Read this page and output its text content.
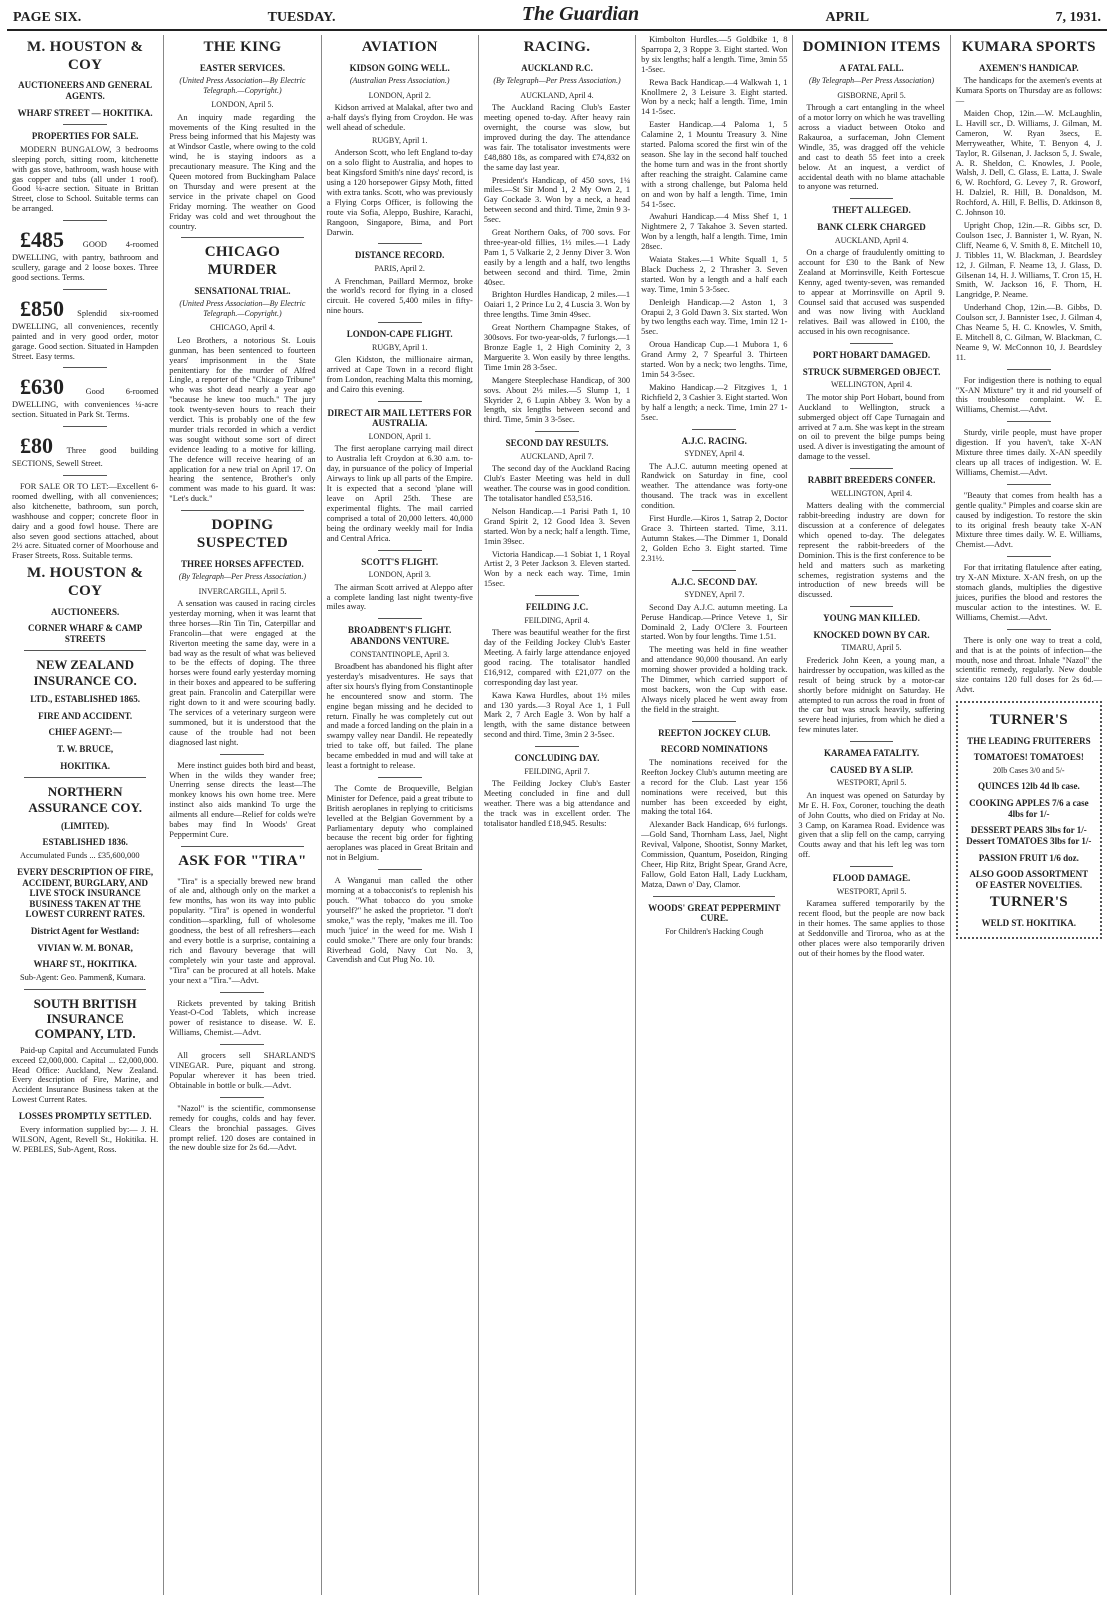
PAGE SIX.	TUESDAY.	The Guardian	APRIL	7, 1931.
M. HOUSTON & COY
AUCTIONEERS AND GENERAL AGENTS.
WHARF STREET — HOKITIKA.
PROPERTIES FOR SALE.

MODERN BUNGALOW, 3 bedrooms sleeping porch, sitting room, kitchenette with gas stove, bathroom, wash house with gas copper and tubs (all under 1 roof). Good ¼-acre section. Situate in Brittan Street, close to School. Suitable terms can be arranged.

£485 GOOD 4-roomed DWELLING, with pantry, bathroom and scullery, garage and 2 loose boxes. Three good sections. Terms.

£850 Splendid six-roomed DWELLING, all conveniences, recently painted and in very good order, motor garage. Good section. Situated in Hampden Street. Easy terms.

£630	Good 6-roomed DWELLING, with conveniences ¼-acre section. Situated in Park St. Terms.

£80 Three good building SECTIONS, Sewell Street.

FOR SALE OR TO LET:—Excellent 6-roomed dwelling, with all conveniences; also kitchenette, bathroom, sun porch, washhouse and copper; concrete floor in dairy and a good fowl house. There are also seven good sections attached, about 2½ acre. Situated corner of Moorhouse and Fraser Streets, Ross. Suitable terms.

M. HOUSTON & COY
AUCTIONEERS.
CORNER WHARF & CAMP STREETS
NEW ZEALAND INSURANCE CO.
LTD., ESTABLISHED 1865.
FIRE AND ACCIDENT.
CHIEF AGENT:—
T. W. BRUCE,
HOKITIKA.
NORTHERN ASSURANCE COY.
(LIMITED).
ESTABLISHED 1836.

Accumulated Funds ... £35,600,000

EVERY DESCRIPTION OF FIRE, ACCIDENT, BURGLARY, AND LIVE STOCK INSURANCE BUSINESS TAKEN AT THE LOWEST CURRENT RATES.
District Agent for Westland:
VIVIAN W. M. BONAR,
WHARF ST., HOKITIKA.

Sub-Agent: Geo. Pammenß, Kumara.

SOUTH BRITISH INSURANCE COMPANY, LTD.

Paid-up Capital and Accumulated Funds exceed £2,000,000. Capital ... £2,000,000. Head Office: Auckland, New Zealand. Every description of Fire, Marine, and Accident Insurance Business taken at the Lowest Current Rates.

LOSSES PROMPTLY SETTLED.

Every information supplied by:— J. H. WILSON, Agent, Revell St., Hokitika. H. W. PEBLES, Sub-Agent, Ross.

THE KING
EASTER SERVICES.
(United Press Association—By Electric Telegraph.—Copyright.)
LONDON, April 5.

An inquiry made regarding the movements of the King resulted in the Press being informed that his Majesty was at Windsor Castle, where owing to the cold wind, he is staying indoors as a precautionary measure. The King and the Queen motored from Buckingham Palace on Thursday and were present at the service in the private chapel on Good Friday morning. The weather on Good Friday was cold and wet throughout the country.

CHICAGO MURDER
SENSATIONAL TRIAL.
(United Press Association—By Electric Telegraph.—Copyright.)
CHICAGO, April 4.

Leo Brothers, a notorious St. Louis gunman, has been sentenced to fourteen years' imprisonment in the State penitentiary for the murder of Alfred Lingle, a reporter of the "Chicago Tribune" who was shot dead nearly a year ago "because he knew too much." The jury took twenty-seven hours to reach their verdict. This is probably one of the few murder trials recorded in which a verdict was sought without some sort of direct evidence leading to a motive for killing. The defence will receive hearing of an application for a new trial on April 17. On hearing the sentence, Brother's only comment was made to his guard. It was: "Let's duck."

DOPING SUSPECTED
THREE HORSES AFFECTED.
(By Telegraph—Per Press Association.)
INVERCARGILL, April 5.

A sensation was caused in racing circles yesterday morning, when it was learnt that three horses—Rin Tin Tin, Caterpillar and Francolin—that were engaged at the Riverton meeting the same day, were in a bad way as the result of what was believed to be the effects of doping. The three horses were found early yesterday morning in their boxes and appeared to be suffering great pain. Francolin and Caterpillar were right down to it and were scouring badly. The services of a veterinary surgeon were summoned, but it is understood that the cause of the trouble had not been diagnosed last night.

Mere instinct guides both bird and beast, When in the wilds they wander free; Unerring sense directs the least—The monkey knows his own home tree. Mere instinct also aids mankind To urge the ailments all endure—Relief for colds we're babes may find In Woods' Great Peppermint Cure.

ASK FOR "TIRA"

"Tira" is a specially brewed new brand of ale and, although only on the market a few months, has won its way into public popularity. "Tira" is opened in wonderful condition—sparkling, full of wholesome goodness, the best of all refreshers—each and every bottle is a surprise, containing a rich and flavoury beverage that will completely win your taste and approval. "Tira" can be procured at all hotels. Make your next a "Tira."—Advt.

Rickets prevented by taking British Yeast-O-Cod Tablets, which increase power of resistance to disease. W. E. Williams, Chemist.—Advt.

All grocers sell SHARLAND'S VINEGAR. Pure, piquant and strong. Popular wherever it has been tried. Obtainable in bottle or bulk.—Advt.

"Nazol" is the scientific, commonsense remedy for coughs, colds and hay fever. Clears the bronchial passages. Gives prompt relief. 120 doses are contained in the new double size for 2s 6d.—Advt.

AVIATION
KIDSON GOING WELL.
(Australian Press Association.)
LONDON, April 2.

Kidson arrived at Malakal, after two and a-half days's flying from Croydon. He was well ahead of schedule.

RUGBY, April 1.

Anderson Scott, who left England to-day on a solo flight to Australia, and hopes to beat Kingsford Smith's nine days' record, is using a 120 horsepower Gipsy Moth, fitted with extra tanks. Scott, who was previously a Flying Corps Officer, is following the route via Sofia, Aleppo, Bushire, Karachi, Rangoon, Singapore, Bima, and Port Darwin.

DISTANCE RECORD.
PARIS, April 2.

A Frenchman, Paillard Mermoz, broke the world's record for flying in a closed circuit. He covered 5,400 miles in fifty-nine hours.

LONDON-CAPE FLIGHT.
RUGBY, April 1.

Glen Kidston, the millionaire airman, arrived at Cape Town in a record flight from London, reaching Malta this morning, and Cairo this evening.

DIRECT AIR MAIL LETTERS FOR AUSTRALIA.
LONDON, April 1.

The first aeroplane carrying mail direct to Australia left Croydon at 6.30 a.m. to-day, in pursuance of the policy of Imperial Airways to link up all parts of the Empire. It is expected that a second 'plane will leave on April 25th. These are experimental flights. The mail carried comprised a total of 20,000 letters. 40,000 being the ordinary weekly mail for India and Central Africa.

SCOTT'S FLIGHT.
LONDON, April 3.

The airman Scott arrived at Aleppo after a complete landing last night twenty-five miles away.

BROADBENT'S FLIGHT. ABANDONS VENTURE.
CONSTANTINOPLE, April 3.

Broadbent has abandoned his flight after yesterday's misadventures. He says that after six hours's flying from Constantinople he encountered snow and storm. The engine began missing and he decided to return. Finally he was completely cut out and made a forced landing on the plain in a swampy valley near Dandil. He repeatedly tried to take off, but failed. The plane became embedded in mud and will take at least a fortnight to release.

The Comte de Broqueville, Belgian Minister for Defence, paid a great tribute to British aeroplanes in replying to criticisms levelled at the Belgian Government by a Parliamentary deputy who complained because the recent big order for fighting aeroplanes was placed in Great Britain and not in Belgium.

A Wanganui man called the other morning at a tobacconist's to replenish his pouch. "What tobacco do you smoke yourself?" he asked the proprietor. "I don't smoke," was the reply, "makes me ill. Too much 'juice' in the weed for me. Wish I could smoke." There are only four brands: Riverhead Gold, Navy Cut No. 3, Cavendish and Cut Plug No. 10.

RACING.
AUCKLAND R.C.
(By Telegraph—Per Press Association.)
AUCKLAND, April 4.

The Auckland Racing Club's Easter meeting opened to-day. After heavy rain overnight, the course was slow, but improved during the day. The attendance was fair. The totalisator investments were £48,880 18s, as compared with £74,832 on the same day last year.

President's Handicap, of 450 sovs, 1¼ miles.—St Sir Mond 1, 2 My Own 2, 1 Gay Cockade 3. Won by a neck, a head between second and third. Time, 2min 9 3-5sec.

Great Northern Oaks, of 700 sovs. For three-year-old fillies, 1½ miles.—1 Lady Pam 1, 5 Valkarie 2, 2 Jenny Diver 3. Won easily by a length and a half, two lengths between second and third. Time, 2min 40sec.

Brighton Hurdles Handicap, 2 miles.—1 Oaiari 1, 2 Prince Lu 2, 4 Luscia 3. Won by three lengths. Time 3min 49sec.

Great Northern Champagne Stakes, of 300sovs. For two-year-olds, 7 furlongs.—1 Bronze Eagle 1, 2 High Cominity 2, 3 Marguerite 3. Won easily by three lengths. Time 1min 28 3-5sec.

Mangere Steeplechase Handicap, of 300 sovs. About 2½ miles.—5 Slump 1, 1 Skyrider 2, 6 Lupin Abbey 3. Won by a length, six lengths between second and third. Time, 5min 3 3-5sec.

SECOND DAY RESULTS.
AUCKLAND, April 7.

The second day of the Auckland Racing Club's Easter Meeting was held in dull weather. The course was in good condition. The totalisator handled £53,516.

Nelson Handicap.—1 Parisi Path 1, 10 Grand Spirit 2, 12 Good Idea 3. Seven started. Won by a neck; half a length. Time, 1min 39sec.

Victoria Handicap.—1 Sobiat 1, 1 Royal Artist 2, 3 Peter Jackson 3. Eleven started. Won by a neck each way. Time, 1min 15sec.

FEILDING J.C.
FEILDING, April 4.

There was beautiful weather for the first day of the Feilding Jockey Club's Easter Meeting. A fairly large attendance enjoyed good racing. The totalisator handled £16,912, compared with £21,077 on the corresponding day last year.

Kawa Kawa Hurdles, about 1½ miles and 130 yards.—3 Royal Ace 1, 1 Full Mark 2, 7 Arch Eagle 3. Won by half a length, with the same distance between second and third. Time, 3min 2 3-5sec.

CONCLUDING DAY.
FEILDING, April 7.

The Feilding Jockey Club's Easter Meeting concluded in fine and dull weather. There was a big attendance and the track was in excellent order. The totalisator handled £18,945. Results:

Kimbolton Hurdles.—5 Goldbike 1, 8 Sparropa 2, 3 Roppe 3. Eight started. Won by six lengths; half a length. Time, 3min 55 1-5sec.

Rewa Back Handicap.—4 Walkwah 1, 1 Knollmere 2, 3 Leisure 3. Eight started. Won by a neck; half a length. Time, 1min 14 1-5sec.

Easter Handicap.—4 Paloma 1, 5 Calamine 2, 1 Mountu Treasury 3. Nine started. Paloma scored the first win of the season. She lay in the second half touched the home turn and was in the front shortly after reaching the straight. Calamine came with a strong challenge, but Paloma held on and won by half a length. Time, 1min 54 1-5sec.

Awahuri Handicap.—4 Miss Shef 1, 1 Nightmere 2, 7 Takahoe 3. Seven started. Won by a length, half a length. Time, 1min 28sec.

Waiata Stakes.—1 White Squall 1, 5 Black Duchess 2, 2 Thrasher 3. Seven started. Won by a length and a half each way. Time, 1min 5 3-5sec.

Denleigh Handicap.—2 Aston 1, 3 Orapui 2, 3 Gold Dawn 3. Six started. Won by two lengths each way. Time, 1min 12 1-5sec.

Oroua Handicap Cup.—1 Mubora 1, 6 Grand Army 2, 7 Spearful 3. Thirteen started. Won by a neck; two lengths. Time, 1min 54 3-5sec.

Makino Handicap.—2 Fitzgives 1, 1 Richfield 2, 3 Cashier 3. Eight started. Won by half a length; a neck. Time, 1min 27 1-5sec.

A.J.C. RACING.
SYDNEY, April 4.

The A.J.C. autumn meeting opened at Randwick on Saturday in fine, cool weather. The attendance was forty-one thousand. The track was in excellent condition.

First Hurdle.—Kiros 1, Satrap 2, Doctor Grace 3. Thirteen started. Time, 3.11. Autumn Stakes.—The Dimmer 1, Donald 2, Golden Echo 3. Eight started. Time 2.31½.

A.J.C. SECOND DAY.
SYDNEY, April 7.

Second Day A.J.C. autumn meeting. La Peruse Handicap.—Prince Veteve 1, Sir Dominald 2, Lady O'Clere 3. Fourteen started. Won by four lengths. Time 1.51.

The meeting was held in fine weather and attendance 90,000 thousand. An early morning shower provided a holding track. The Dimmer, which carried support of most backers, won the Cup with ease. Always nicely placed he went away from the field in the straight.

REEFTON JOCKEY CLUB.
RECORD NOMINATIONS

The nominations received for the Reefton Jockey Club's autumn meeting are a record for the Club. Last year 156 nominations were received, but this number has been exceeded by eight, making the total 164.

Alexander Back Handicap, 6½ furlongs.—Gold Sand, Thornham Lass, Jael, Night Revival, Valpone, Shootist, Sonny Market, Commission, Quantum, Poseidon, Ringing Cheer, Hip Ritz, Bright Spear, Grand Acre, Fallow, Gold Eaton Hall, Lady Luckham, Matza, Dawn o' Day, Clamor.

WOODS' GREAT PEPPERMINT CURE.
For Children's Hacking Cough
DOMINION ITEMS
A FATAL FALL.
(By Telegraph—Per Press Association)
GISBORNE, April 5.

Through a cart entangling in the wheel of a motor lorry on which he was travelling across a viaduct between Otoko and Rakauroa, a surfaceman, John Clement Windle, 35, was dragged off the vehicle and cast to death 55 feet into a creek below. At an inquest, a verdict of accidental death with no blame attachable to anyone was returned.

THEFT ALLEGED.
BANK CLERK CHARGED
AUCKLAND, April 4.

On a charge of fraudulently omitting to account for £30 to the Bank of New Zealand at Morrinsville, Keith Fortescue Kenny, aged twenty-seven, was remanded to appear at Morrinsville on April 9. Counsel said that accused was suspended and was now living with Auckland relatives. Bail was allowed in £100, the accused in his own recognisance.

PORT HOBART DAMAGED.
STRUCK SUBMERGED OBJECT.
WELLINGTON, April 4.

The motor ship Port Hobart, bound from Auckland to Wellington, struck a submerged object off Cape Turnagain and arrived at 7 a.m. She was kept in the stream on oil to prevent the bilge pumps being used. A diver is investigating the amount of damage to the vessel.

RABBIT BREEDERS CONFER.
WELLINGTON, April 4.

Matters dealing with the commercial rabbit-breeding industry are down for discussion at a conference of delegates which opened to-day. The delegates represent the rabbit-breeders of the Dominion. This is the first conference to be held and matters such as marketing schemes, registration systems and the introduction of new breeds will be discussed.

YOUNG MAN KILLED.
KNOCKED DOWN BY CAR.
TIMARU, April 5.

Frederick John Keen, a young man, a hairdresser by occupation, was killed as the result of being struck by a motor-car shortly before midnight on Saturday. He attempted to run across the road in front of the car but was struck heavily, suffering severe head injuries, from which he died a few minutes later.

KARAMEA FATALITY.
CAUSED BY A SLIP.
WESTPORT, April 5.

An inquest was opened on Saturday by Mr E. H. Fox, Coroner, touching the death of John Coutts, who died on Friday at No. 3 Camp, on Karamea Road. Evidence was given that a slip fell on the camp, carrying Coutts away and that his left leg was torn off.

FLOOD DAMAGE.
WESTPORT, April 5.

Karamea suffered temporarily by the recent flood, but the people are now back in their homes. The same applies to those at Seddonville and Tiroroa, who as at the other places were also temporarily driven out of their homes by the flood water.

KUMARA SPORTS
AXEMEN'S HANDICAP.

The handicaps for the axemen's events at Kumara Sports on Thursday are as follows:—

Maiden Chop, 12in.—W. McLaughlin, L. Havill scr., D. Williams, J. Gilman, M. Cameron, W. Ryan 3secs, E. Merryweather, White, T. Benyon 4, J. Taylor, R. Gilsenan, J. Jackson 5, J. Swale, A. R. Sheldon, C. Knowles, J. Poole, Walsh, J. Dell, C. Glass, E. Latta, J. Swale 6, W. Rochford, G. Levey 7, R. Groworf, H. Dalziel, R. Hill, B. Donaldson, M. Rochford, A. Hill, F. Bellis, D. Atkinson 8, C. Johnson 10.

Upright Chop, 12in.—R. Gibbs scr, D. Coulson 1sec, J. Bannister 1, W. Ryan, N. Cliff, Neame 6, V. Smith 8, E. Mitchell 10, J. Tibbles 11, W. Blackman, J. Beardsley 12, J. Gilman, F. Neame 13, J. Glass, D. Gilsenan 14, H. J. Williams, T. Cron 15, H. Smith, W. Jackson 16, F. Thorn, H. Langridge, P. Neame.

Underhand Chop, 12in.—B. Gibbs, D. Coulson scr, J. Bannister 1sec, J. Gilman 4, Chas Neame 5, H. C. Knowles, V. Smith, E. Mitchell 8, C. Gilman, W. Blackman, C. Neame 9, W. McConnon 10, J. Beardsley 11.

For indigestion there is nothing to equal "X-AN Mixture" try it and rid yourself of this troublesome complaint. W. E. Williams, Chemist.—Advt.

Sturdy, virile people, must have proper digestion. If you haven't, take X-AN Mixture three times daily. X-AN speedily clears up all traces of indigestion. W. E. Williams, Chemist.—Advt.

"Beauty that comes from health has a gentle quality." Pimples and coarse skin are caused by indigestion. To restore the skin to its original fresh beauty take X-AN Mixture three times daily. W. E. Williams, Chemist.—Advt.

For that irritating flatulence after eating, try X-AN Mixture. X-AN fresh, on up the stomach glands, multiplies the digestive juices, purifies the blood and restores the muscular action to the intestines. W. E. Williams, Chemist.—Advt.

There is only one way to treat a cold, and that is at the points of infection—the mouth, nose and throat. Inhale "Nazol" the scientific remedy, regularly. New double size contains 120 full doses for 2s 6d.—Advt.

TURNER'S
THE LEADING FRUITERERS
TOMATOES! TOMATOES!
20lb Cases 3/0 and 5/-
QUINCES 12lb 4d lb case.
COOKING APPLES 7/6 a case 4lbs for 1/-
DESSERT PEARS 3lbs for 1/- Dessert TOMATOES 3lbs for 1/-
PASSION FRUIT 1/6 doz.
ALSO GOOD ASSORTMENT OF EASTER NOVELTIES.
TURNER'S
WELD ST. HOKITIKA.
